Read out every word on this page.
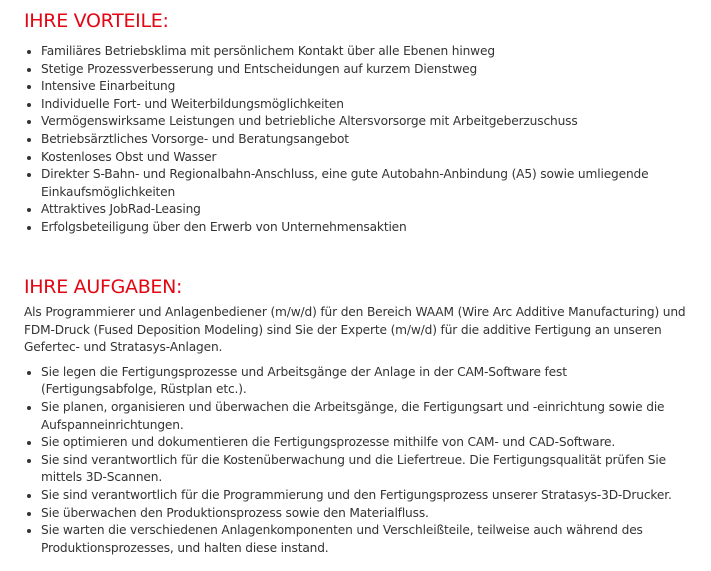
IHRE VORTEILE:
Familiäres Betriebsklima mit persönlichem Kontakt über alle Ebenen hinweg
Stetige Prozessverbesserung und Entscheidungen auf kurzem Dienstweg
Intensive Einarbeitung
Individuelle Fort- und Weiterbildungsmöglichkeiten
Vermögenswirksame Leistungen und betriebliche Altersvorsorge mit Arbeitgeberzuschuss
Betriebsärztliches Vorsorge- und Beratungsangebot
Kostenloses Obst und Wasser
Direkter S-Bahn- und Regionalbahn-Anschluss, eine gute Autobahn-Anbindung (A5) sowie umliegende Einkaufsmöglichkeiten
Attraktives JobRad-Leasing
Erfolgsbeteiligung über den Erwerb von Unternehmensaktien
IHRE AUFGABEN:

Als Programmierer und Anlagenbediener (m/w/d) für den Bereich WAAM (Wire Arc Additive Manufacturing) und FDM-Druck (Fused Deposition Modeling) sind Sie der Experte (m/w/d) für die additive Fertigung an unseren Gefertec- und Stratasys-Anlagen.

Sie legen die Fertigungsprozesse und Arbeitsgänge der Anlage in der CAM-Software fest (Fertigungsabfolge, Rüstplan etc.).
Sie planen, organisieren und überwachen die Arbeitsgänge, die Fertigungsart und -einrichtung sowie die Aufspanneinrichtungen.
Sie optimieren und dokumentieren die Fertigungsprozesse mithilfe von CAM- und CAD-Software.
Sie sind verantwortlich für die Kostenüberwachung und die Liefertreue. Die Fertigungsqualität prüfen Sie mittels 3D-Scannen.
Sie sind verantwortlich für die Programmierung und den Fertigungsprozess unserer Stratasys-3D-Drucker.
Sie überwachen den Produktionsprozess sowie den Materialfluss.
Sie warten die verschiedenen Anlagenkomponenten und Verschleißteile, teilweise auch während des Produktionsprozesses, und halten diese instand.
